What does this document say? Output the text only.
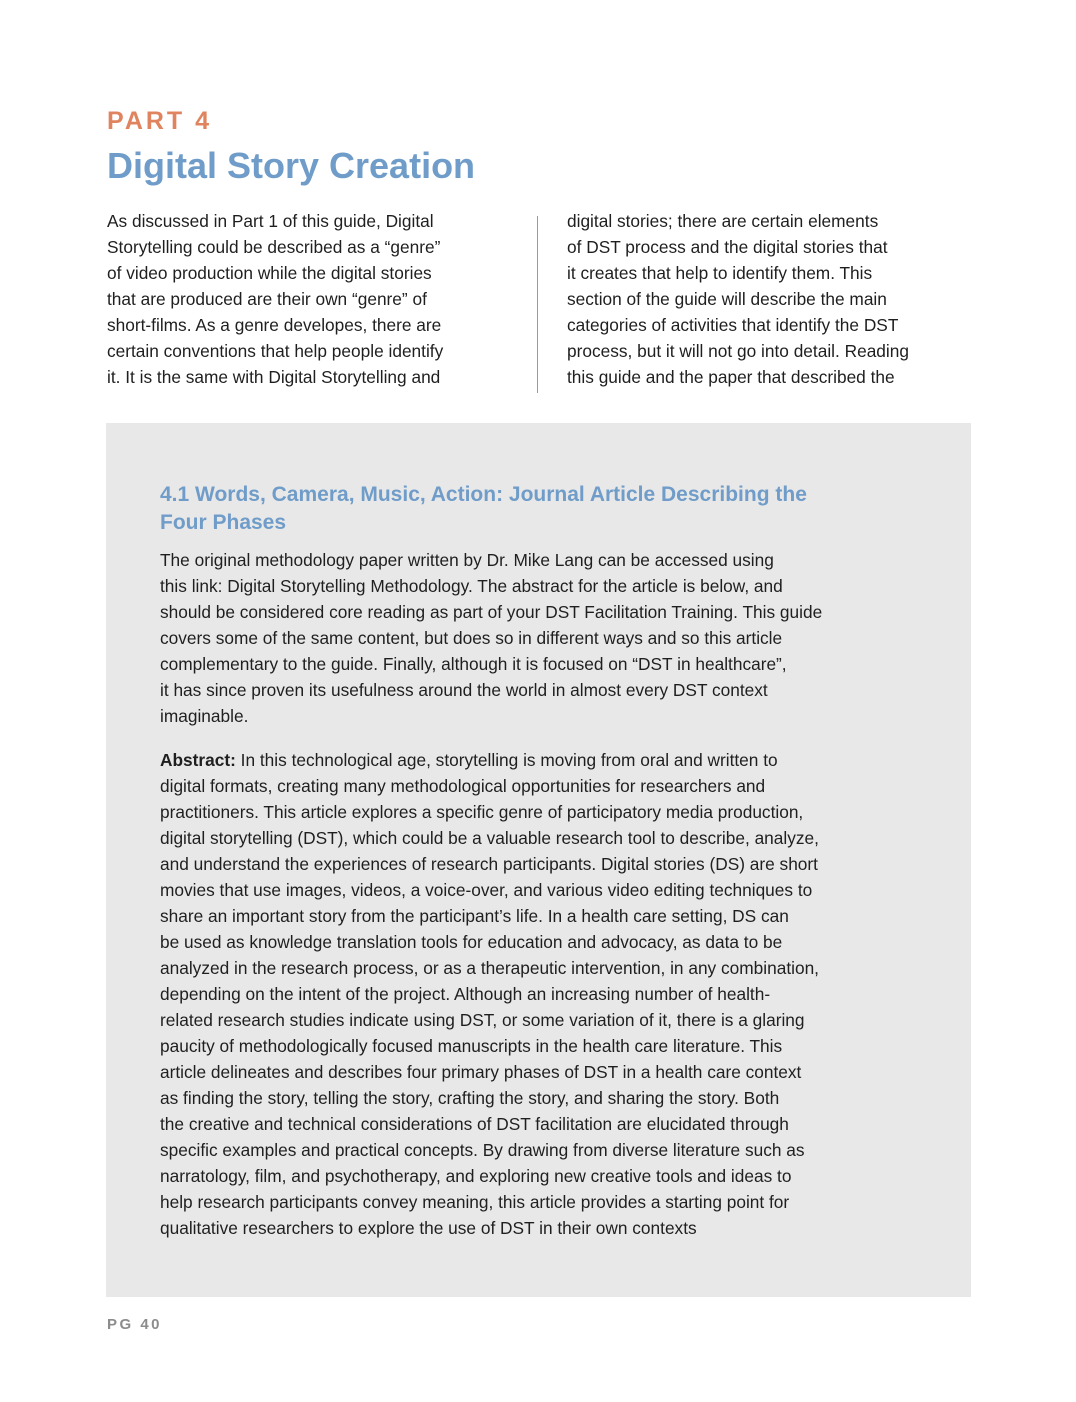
PART 4
Digital Story Creation

As discussed in Part 1 of this guide, Digital
Storytelling could be described as a “genre”
of video production while the digital stories
that are produced are their own “genre” of
short-films. As a genre developes, there are
certain conventions that help people identify
it. It is the same with Digital Storytelling and

digital stories; there are certain elements
of DST process and the digital stories that
it creates that help to identify them. This
section of the guide will describe the main
categories of activities that identify the DST
process, but it will not go into detail. Reading
this guide and the paper that described the

4.1 Words, Camera, Music, Action: Journal Article Describing the
Four Phases
The original methodology paper written by Dr. Mike Lang can be accessed using
this link: Digital Storytelling Methodology. The abstract for the article is below, and
should be considered core reading as part of your DST Facilitation Training. This guide
covers some of the same content, but does so in different ways and so this article
complementary to the guide. Finally, although it is focused on “DST in healthcare”,
it has since proven its usefulness around the world in almost every DST context
imaginable.
Abstract: In this technological age, storytelling is moving from oral and written to
digital formats, creating many methodological opportunities for researchers and
practitioners. This article explores a specific genre of participatory media production,
digital storytelling (DST), which could be a valuable research tool to describe, analyze,
and understand the experiences of research participants. Digital stories (DS) are short
movies that use images, videos, a voice-over, and various video editing techniques to
share an important story from the participant’s life. In a health care setting, DS can
be used as knowledge translation tools for education and advocacy, as data to be
analyzed in the research process, or as a therapeutic intervention, in any combination,
depending on the intent of the project. Although an increasing number of health-
related research studies indicate using DST, or some variation of it, there is a glaring
paucity of methodologically focused manuscripts in the health care literature. This
article delineates and describes four primary phases of DST in a health care context
as finding the story, telling the story, crafting the story, and sharing the story. Both
the creative and technical considerations of DST facilitation are elucidated through
specific examples and practical concepts. By drawing from diverse literature such as
narratology, film, and psychotherapy, and exploring new creative tools and ideas to
help research participants convey meaning, this article provides a starting point for
qualitative researchers to explore the use of DST in their own contexts
PG 40
